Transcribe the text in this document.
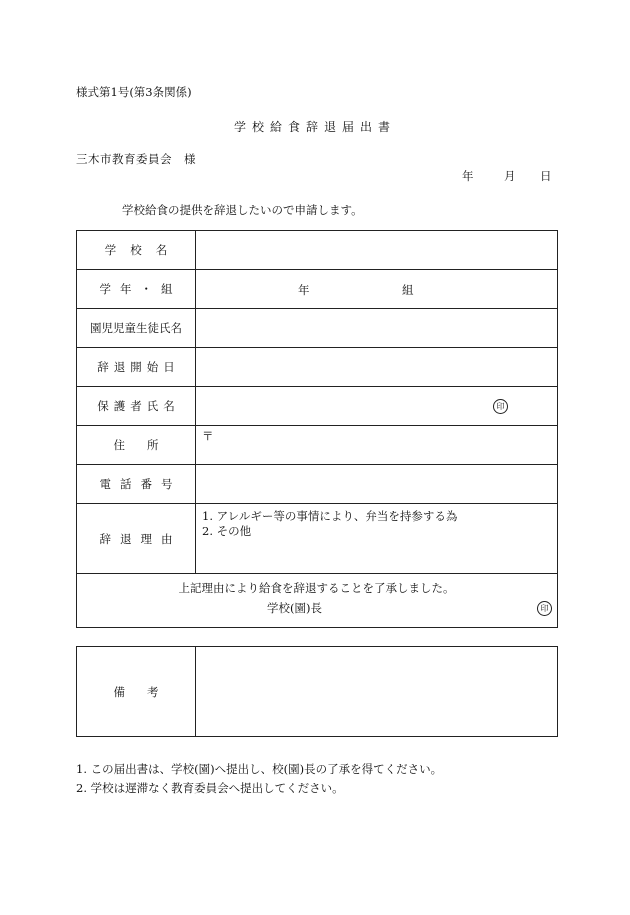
様式第1号(第3条関係)
学校給食辞退届出書
三木市教育委員会　様
年	月 日
学校給食の提供を辞退したいので申請します。
学校名	
学年・組	年 組

園児児童生徒氏名	
辞退開始日	
保護者氏名	印

住所	〒

電話番号	
辞退理由	1. アレルギー等の事情により、弁当を持参する為
2. その他

上記理由により給食を辞退することを了承しました。
学校(園)長 印	
備考	
1. この届出書は、学校(園)へ提出し、校(園)長の了承を得てください。
2. 学校は遅滞なく教育委員会へ提出してください。
